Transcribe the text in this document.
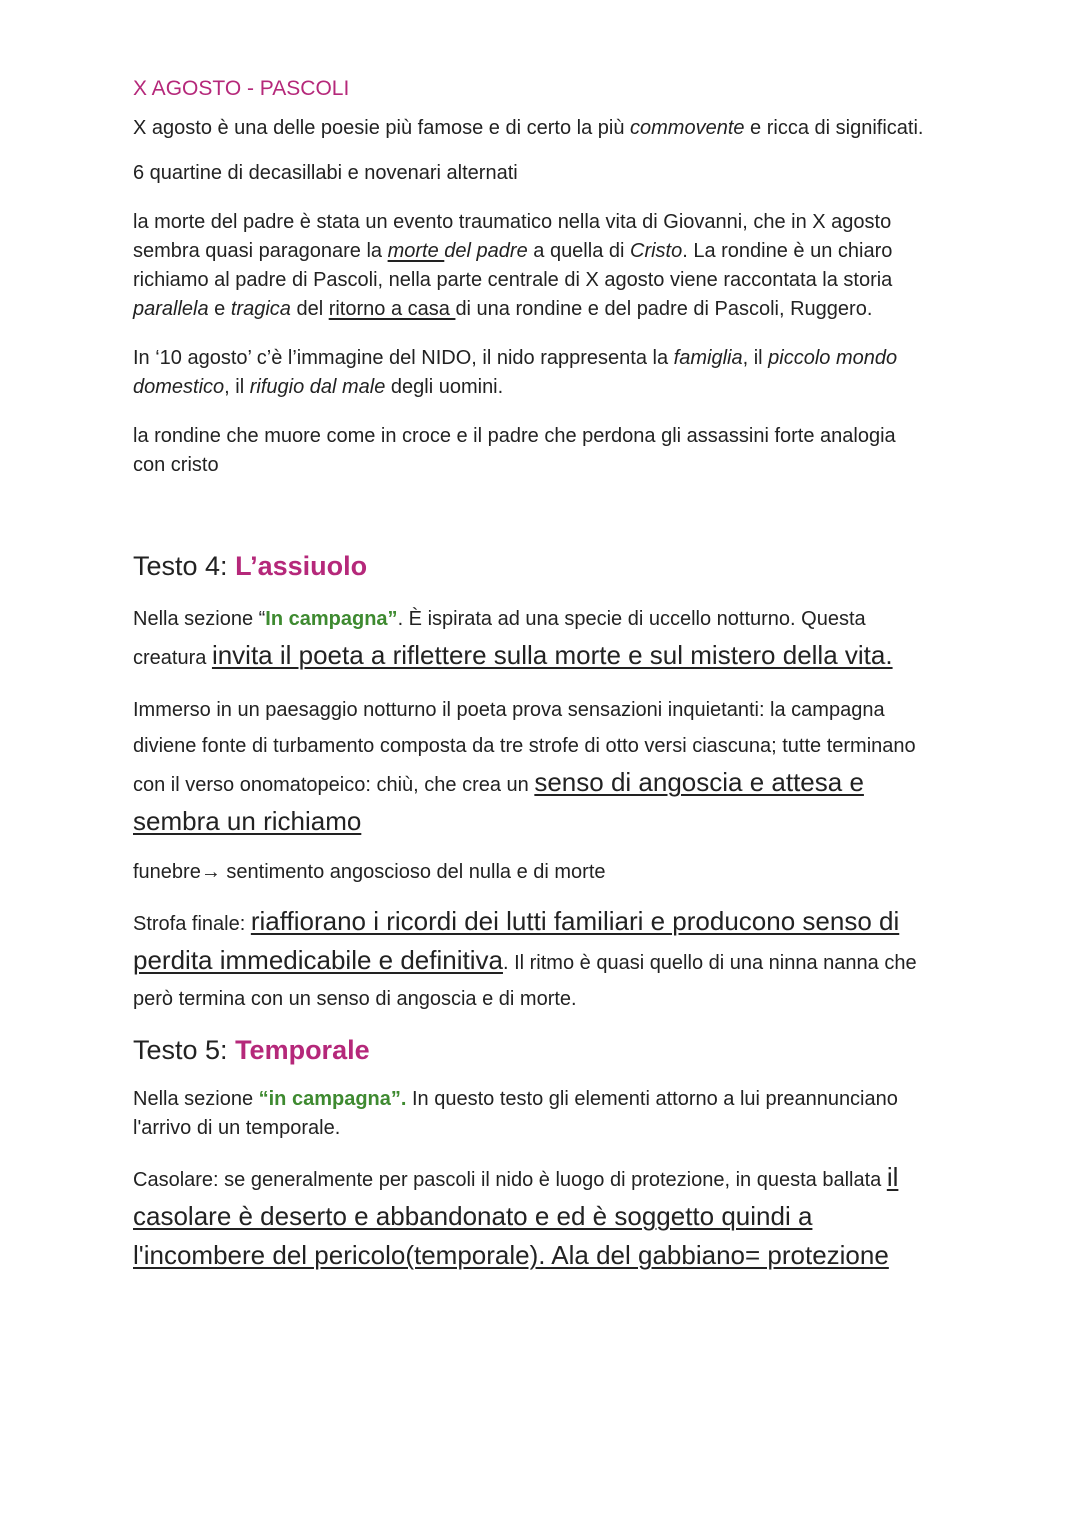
X AGOSTO - PASCOLI

X agosto è una delle poesie più famose e di certo la più commovente e ricca di significati.

6 quartine di decasillabi e novenari alternati

la morte del padre è stata un evento traumatico nella vita di Giovanni, che in X agosto sembra quasi paragonare la morte del padre a quella di Cristo. La rondine è un chiaro richiamo al padre di Pascoli, nella parte centrale di X agosto viene raccontata la storia parallela e tragica del ritorno a casa di una rondine e del padre di Pascoli, Ruggero.

In ‘10 agosto’ c’è l’immagine del NIDO, il nido rappresenta la famiglia, il piccolo mondo domestico, il rifugio dal male degli uomini.

la rondine che muore come in croce e il padre che perdona gli assassini forte analogia con cristo

Testo 4: L’assiuolo

Nella sezione “In campagna”. È ispirata ad una specie di uccello notturno. Questa creatura invita il poeta a riflettere sulla morte e sul mistero della vita.

Immerso in un paesaggio notturno il poeta prova sensazioni inquietanti: la campagna diviene fonte di turbamento composta da tre strofe di otto versi ciascuna; tutte terminano con il verso onomatopeico: chiù, che crea un senso di angoscia e attesa e sembra un richiamo

funebre→ sentimento angoscioso del nulla e di morte

Strofa finale: riaffiorano i ricordi dei lutti familiari e producono senso di perdita immedicabile e definitiva. Il ritmo è quasi quello di una ninna nanna che però termina con un senso di angoscia e di morte.

Testo 5: Temporale

Nella sezione “in campagna”. In questo testo gli elementi attorno a lui preannunciano l'arrivo di un temporale.

Casolare: se generalmente per pascoli il nido è luogo di protezione, in questa ballata il casolare è deserto e abbandonato e ed è soggetto quindi a l'incombere del pericolo(temporale). Ala del gabbiano= protezione
